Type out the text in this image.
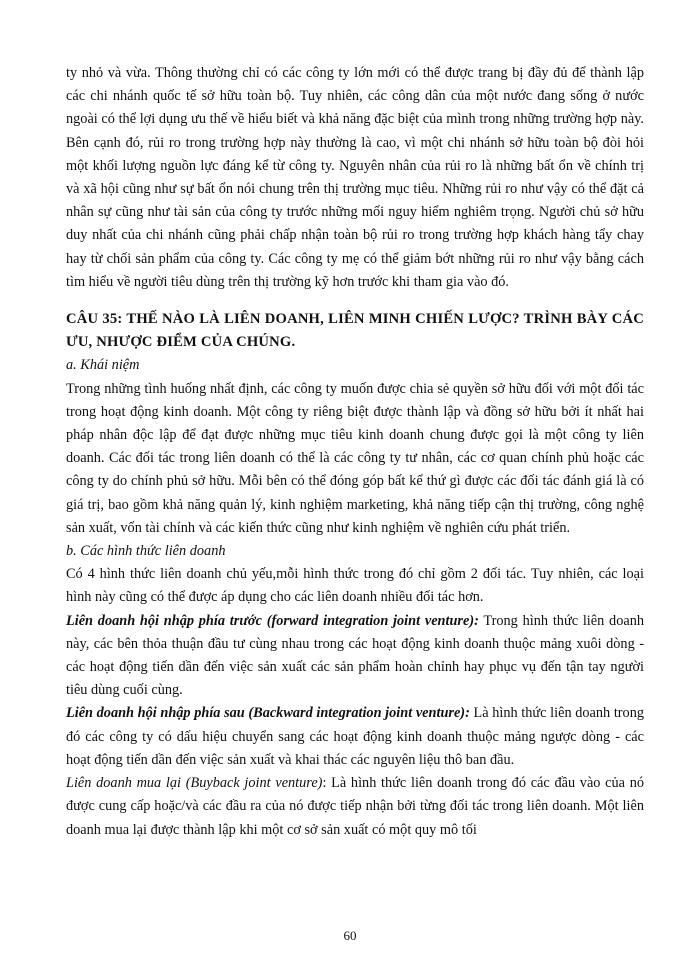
ty nhỏ và vừa. Thông thường chỉ có các công ty lớn mới có thể được trang bị đầy đủ để thành lập các chi nhánh quốc tế sở hữu toàn bộ. Tuy nhiên, các công dân của một nước đang sống ở nước ngoài có thể lợi dụng ưu thế về hiểu biết và khả năng đặc biệt của mình trong những trường hợp này. Bên cạnh đó, rủi ro trong trường hợp này thường là cao, vì một chi nhánh sở hữu toàn bộ đòi hỏi một khối lượng nguồn lực đáng kể từ công ty. Nguyên nhân của rủi ro là những bất ổn về chính trị và xã hội cũng như sự bất ổn nói chung trên thị trường mục tiêu. Những rủi ro như vậy có thể đặt cả nhân sự cũng như tài sản của công ty trước những mối nguy hiểm nghiêm trọng. Người chủ sở hữu duy nhất của chi nhánh cũng phải chấp nhận toàn bộ rủi ro trong trường hợp khách hàng tẩy chay hay từ chối sản phẩm của công ty. Các công ty mẹ có thể giảm bớt những rủi ro như vậy bằng cách tìm hiểu về người tiêu dùng trên thị trường kỹ hơn trước khi tham gia vào đó.

CÂU 35: THẾ NÀO LÀ LIÊN DOANH, LIÊN MINH CHIẾN LƯỢC? TRÌNH BÀY CÁC ƯU, NHƯỢC ĐIỂM CỦA CHÚNG.

a. Khái niệm

Trong những tình huống nhất định, các công ty muốn được chia sẻ quyền sở hữu đối với một đối tác trong hoạt động kinh doanh. Một công ty riêng biệt được thành lập và đồng sở hữu bởi ít nhất hai pháp nhân độc lập để đạt được những mục tiêu kinh doanh chung được gọi là một công ty liên doanh. Các đối tác trong liên doanh có thể là các công ty tư nhân, các cơ quan chính phủ hoặc các công ty do chính phủ sở hữu. Mỗi bên có thể đóng góp bất kể thứ gì được các đối tác đánh giá là có giá trị, bao gồm khả năng quản lý, kinh nghiệm marketing, khả năng tiếp cận thị trường, công nghệ sản xuất, vốn tài chính và các kiến thức cũng như kinh nghiệm về nghiên cứu phát triển.

b. Các hình thức liên doanh

Có 4 hình thức liên doanh chủ yếu,mỗi hình thức trong đó chỉ gồm 2 đối tác. Tuy nhiên, các loại hình này cũng có thể được áp dụng cho các liên doanh nhiều đối tác hơn.

Liên doanh hội nhập phía trước (forward integration joint venture): Trong hình thức liên doanh này, các bên thỏa thuận đầu tư cùng nhau trong các hoạt động kinh doanh thuộc mảng xuôi dòng - các hoạt động tiến dần đến việc sản xuất các sản phẩm hoàn chỉnh hay phục vụ đến tận tay người tiêu dùng cuối cùng.

Liên doanh hội nhập phía sau (Backward integration joint venture): Là hình thức liên doanh trong đó các công ty có dấu hiệu chuyển sang các hoạt động kinh doanh thuộc mảng ngược dòng - các hoạt động tiến dần đến việc sản xuất và khai thác các nguyên liệu thô ban đầu.

Liên doanh mua lại (Buyback joint venture): Là hình thức liên doanh trong đó các đầu vào của nó được cung cấp hoặc/và các đầu ra của nó được tiếp nhận bởi từng đối tác trong liên doanh. Một liên doanh mua lại được thành lập khi một cơ sở sản xuất có một quy mô tối

60
